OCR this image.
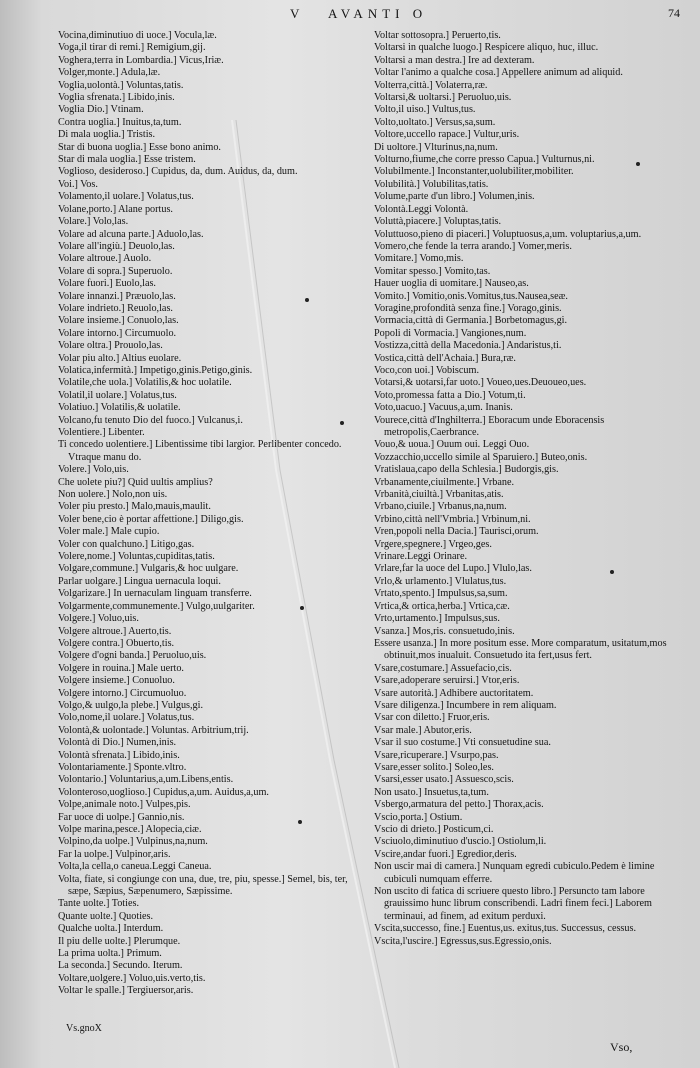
V AVANTI O	74
Vocina,diminutiuo di uoce.] Vocula,læ.
Voga,il tirar di remi.] Remigium,gij.
Voghera,terra in Lombardia.] Vicus,Iriæ.
Volger,monte.] Adula,læ.
Voglia,uolontà.] Voluntas,tatis.
Voglia sfrenata.] Libido,inis.
Voglia Dio.] Vtinam.
Contra uoglia.] Inuitus,ta,tum.
Di mala uoglia.] Tristis.
Star di buona uoglia.] Esse bono animo.
Star di mala uoglia.] Esse tristem.
Voglioso, desideroso.] Cupidus, da, dum. Auidus, da, dum.
Voi.] Vos.
Volamento,il uolare.] Volatus,tus.
Volane,porto.] Alane portus.
Volare.] Volo,las.
Volare ad alcuna parte.] Aduolo,las.
Volare all'ingiù.] Deuolo,las.
Volare altroue.] Auolo.
Volare di sopra.] Superuolo.
Volare fuori.] Euolo,las.
Volare innanzi.] Præuolo,las.
Volare indrieto.] Reuolo,las.
Volare insieme.] Conuolo,las.
Volare intorno.] Circumuolo.
Volare oltra.] Prouolo,las.
Volar piu alto.] Altius euolare.
Volatica,infermità.] Impetigo,ginis.Petigo,ginis.
Volatile,che uola.] Volatilis,& hoc uolatile.
Volatil,il uolare.] Volatus,tus.
Volatiuo.] Volatilis,& uolatile.
Volcano,fu tenuto Dio del fuoco.] Vulcanus,i.
Volentiere.] Libenter.
Ti concedo uolentiere.] Libentissime tibi largior. Perlibenter concedo. Vtraque manu do.
Volere.] Volo,uis.
Che uolete piu?] Quid uultis amplius?
Non uolere.] Nolo,non uis.
Voler piu presto.] Malo,mauis,maulit.
Voler bene,cio è portar affettione.] Diligo,gis.
Voler male.] Male cupio.
Voler con qualchuno.] Litigo,gas.
Volere,nome.] Voluntas,cupiditas,tatis.
Volgare,commune.] Vulgaris,& hoc uulgare.
Parlar uolgare.] Lingua uernacula loqui.
Volgarizare.] In uernaculam linguam transferre.
Volgarmente,communemente.] Vulgo,uulgariter.
Volgere.] Voluo,uis.
Volgere altroue.] Auerto,tis.
Volgere contra.] Obuerto,tis.
Volgere d'ogni banda.] Peruoluo,uis.
Volgere in rouina.] Male uerto.
Volgere insieme.] Conuoluo.
Volgere intorno.] Circumuoluo.
Volgo,& uulgo,la plebe.] Vulgus,gi.
Volo,nome,il uolare.] Volatus,tus.
Volontà,& uolontade.] Voluntas. Arbitrium,trij.
Volontà di Dio.] Numen,inis.
Volontà sfrenata.] Libido,inis.
Volontariamente.] Sponte.vltro.
Volontario.] Voluntarius,a,um.Libens,entis.
Volonteroso,uoglioso.] Cupidus,a,um. Auidus,a,um.
Volpe,animale noto.] Vulpes,pis.
Far uoce di uolpe.] Gannio,nis.
Volpe marina,pesce.] Alopecia,ciæ.
Volpino,da uolpe.] Vulpinus,na,num.
Far la uolpe.] Vulpinor,aris.
Volta,la cella,o caneua.Leggi Caneua.
Volta, fiate, si congiunge con una, due, tre, piu, spesse.] Semel, bis, ter, sæpe, Sæpius, Sæpenumero, Sæpissime.
Tante uolte.] Toties.
Quante uolte.] Quoties.
Qualche uolta.] Interdum.
Il piu delle uolte.] Plerumque.
La prima uolta.] Primum.
La seconda.] Secundo. Iterum.
Voltare,uolgere.] Voluo,uis.verto,tis.
Voltar le spalle.] Tergiuersor,aris.
Voltar sottosopra.] Peruerto,tis.
Voltarsi in qualche luogo.] Respicere aliquo, huc, illuc.
Voltarsi a man destra.] Ire ad dexteram.
Voltar l'animo a qualche cosa.] Appellere animum ad aliquid.
Volterra,città.] Volaterra,ræ.
Voltarsi,& uoltarsi.] Peruoluo,uis.
Volto,il uiso.] Vultus,tus.
Volto,uoltato.] Versus,sa,sum.
Voltore,uccello rapace.] Vultur,uris.
Di uoltore.] Vlturinus,na,num.
Volturno,fiume,che corre presso Capua.] Vulturnus,ni.
Volubilmente.] Inconstanter,uolubiliter,mobiliter.
Volubilità.] Volubilitas,tatis.
Volume,parte d'un libro.] Volumen,inis.
Volontà.Leggi Volontà.
Voluttà,piacere.] Voluptas,tatis.
Voluttuoso,pieno di piaceri.] Voluptuosus,a,um. voluptarius,a,um.
Vomero,che fende la terra arando.] Vomer,meris.
Vomitare.] Vomo,mis.
Vomitar spesso.] Vomito,tas.
Hauer uoglia di uomitare.] Nauseo,as.
Vomito.] Vomitio,onis.Vomitus,tus.Nausea,seæ.
Voragine,profondità senza fine.] Vorago,ginis.
Vormacia,città di Germania.] Borbetomagus,gi.
Popoli di Vormacia.] Vangiones,num.
Vostizza,città della Macedonia.] Andaristus,ti.
Vostica,città dell'Achaia.] Bura,ræ.
Voco,con uoi.] Vobiscum.
Votarsi,& uotarsi,far uoto.] Voueo,ues.Deuoueo,ues.
Voto,promessa fatta a Dio.] Votum,ti.
Voto,uacuo.] Vacuus,a,um. Inanis.
Vourece,città d'Inghilterra.] Eboracum unde Eboracensis metropolis,Caerbrance.
Vouo,& uoua.] Ouum oui. Leggi Ouo.
Vozzacchio,uccello simile al Sparuiero.] Buteo,onis.
Vratislaua,capo della Schlesia.] Budorgis,gis.
Vrbanamente,ciuilmente.] Vrbane.
Vrbanità,ciuiltà.] Vrbanitas,atis.
Vrbano,ciuile.] Vrbanus,na,num.
Vrbino,città nell'Vmbria.] Vrbinum,ni.
Vren,popoli nella Dacia.] Taurisci,orum.
Vrgere,spegnere.] Vrgeo,ges.
Vrinare.Leggi Orinare.
Vrlare,far la uoce del Lupo.] Vlulo,las.
Vrlo,& urlamento.] Vlulatus,tus.
Vrtato,spento.] Impulsus,sa,sum.
Vrtica,& ortica,herba.] Vrtica,cæ.
Vrto,urtamento.] Impulsus,sus.
Vsanza.] Mos,ris. consuetudo,inis.
Essere usanza.] In more positum esse. More comparatum, usitatum,mos obtinuit,mos inualuit. Consuetudo ita fert,usus fert.
Vsare,costumare.] Assuefacio,cis.
Vsare,adoperare seruirsi.] Vtor,eris.
Vsare autorità.] Adhibere auctoritatem.
Vsare diligenza.] Incumbere in rem aliquam.
Vsar con diletto.] Fruor,eris.
Vsar male.] Abutor,eris.
Vsar il suo costume.] Vti consuetudine sua.
Vsare,ricuperare.] Vsurpo,pas.
Vsare,esser solito.] Soleo,les.
Vsarsi,esser usato.] Assuesco,scis.
Non usato.] Insuetus,ta,tum.
Vsbergo,armatura del petto.] Thorax,acis.
Vscio,porta.] Ostium.
Vscio di drieto.] Posticum,ci.
Vsciuolo,diminutiuo d'uscio.] Ostiolum,li.
Vscire,andar fuori.] Egredior,deris.
Non uscir mai di camera.] Nunquam egredi cubiculo.Pedem è limine cubiculi numquam efferre.
Non uscito di fatica di scriuere questo libro.] Persuncto tam labore grauissimo hunc librum conscribendi. Ladri finem feci.] Laborem terminaui, ad finem, ad exitum perduxi.
Vscita,successo, fine.] Euentus,us. exitus,tus. Successus, cessus.
Vscita,l'uscire.] Egressus,sus.Egressio,onis.
Vs.gnoX
Vso,
